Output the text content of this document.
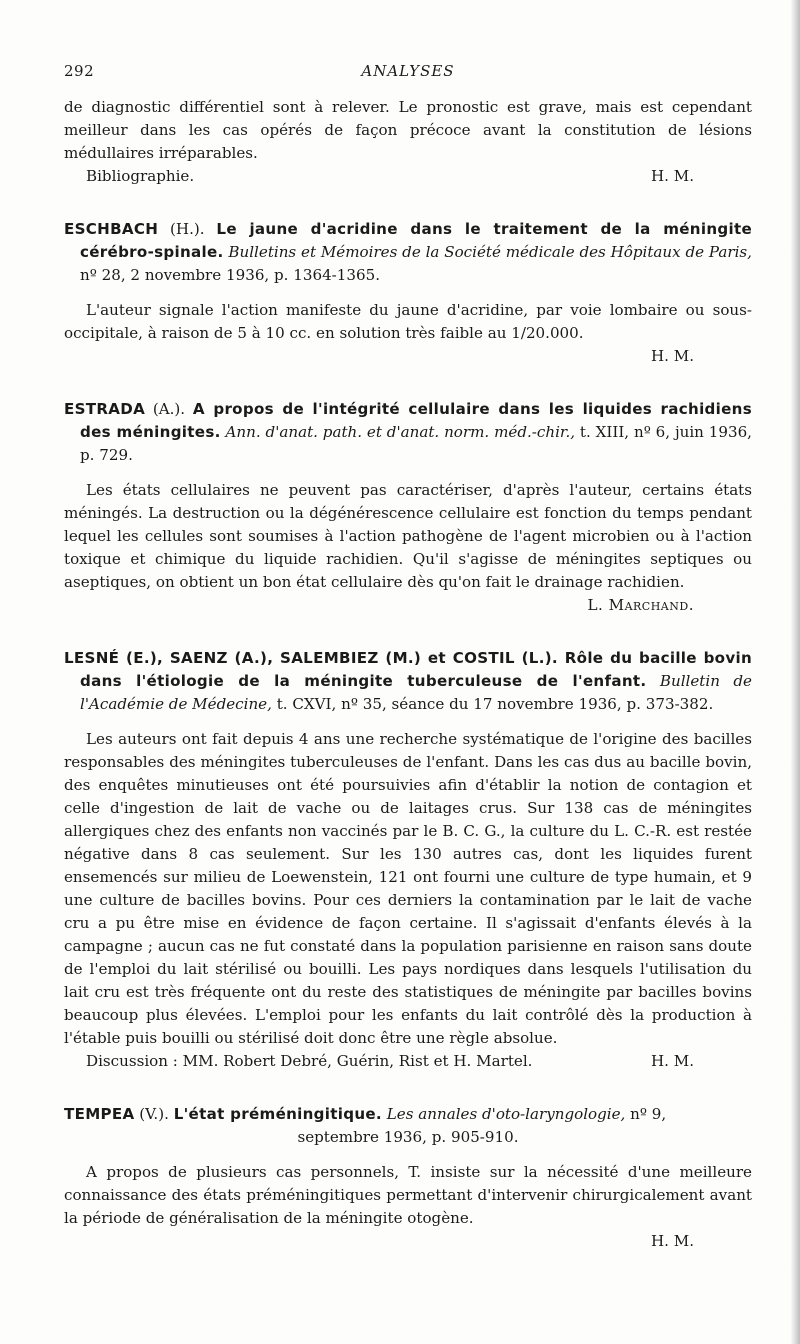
292	ANALYSES

de diagnostic différentiel sont à relever. Le pronostic est grave, mais est cependant meilleur dans les cas opérés de façon précoce avant la constitution de lésions médullaires irréparables.

Bibliographie.	H. M.

ESCHBACH (H.). Le jaune d'acridine dans le traitement de la méningite cérébro-spinale. Bulletins et Mémoires de la Société médicale des Hôpitaux de Paris, nº 28, 2 novembre 1936, p. 1364-1365.

L'auteur signale l'action manifeste du jaune d'acridine, par voie lombaire ou sous-occipitale, à raison de 5 à 10 cc. en solution très faible au 1/20.000.

H. M.

ESTRADA (A.). A propos de l'intégrité cellulaire dans les liquides rachidiens des méningites. Ann. d'anat. path. et d'anat. norm. méd.-chir., t. XIII, nº 6, juin 1936, p. 729.

Les états cellulaires ne peuvent pas caractériser, d'après l'auteur, certains états méningés. La destruction ou la dégénérescence cellulaire est fonction du temps pendant lequel les cellules sont soumises à l'action pathogène de l'agent microbien ou à l'action toxique et chimique du liquide rachidien. Qu'il s'agisse de méningites septiques ou aseptiques, on obtient un bon état cellulaire dès qu'on fait le drainage rachidien.

L. Marchand.

LESNÉ (E.), SAENZ (A.), SALEMBIEZ (M.) et COSTIL (L.). Rôle du bacille bovin dans l'étiologie de la méningite tuberculeuse de l'enfant. Bulletin de l'Académie de Médecine, t. CXVI, nº 35, séance du 17 novembre 1936, p. 373-382.

Les auteurs ont fait depuis 4 ans une recherche systématique de l'origine des bacilles responsables des méningites tuberculeuses de l'enfant. Dans les cas dus au bacille bovin, des enquêtes minutieuses ont été poursuivies afin d'établir la notion de contagion et celle d'ingestion de lait de vache ou de laitages crus. Sur 138 cas de méningites allergiques chez des enfants non vaccinés par le B. C. G., la culture du L. C.-R. est restée négative dans 8 cas seulement. Sur les 130 autres cas, dont les liquides furent ensemencés sur milieu de Loewenstein, 121 ont fourni une culture de type humain, et 9 une culture de bacilles bovins. Pour ces derniers la contamination par le lait de vache cru a pu être mise en évidence de façon certaine. Il s'agissait d'enfants élevés à la campagne ; aucun cas ne fut constaté dans la population parisienne en raison sans doute de l'emploi du lait stérilisé ou bouilli. Les pays nordiques dans lesquels l'utilisation du lait cru est très fréquente ont du reste des statistiques de méningite par bacilles bovins beaucoup plus élevées. L'emploi pour les enfants du lait contrôlé dès la production à l'étable puis bouilli ou stérilisé doit donc être une règle absolue.

Discussion : MM. Robert Debré, Guérin, Rist et H. Martel.	H. M.

TEMPEA (V.). L'état préméningitique. Les annales d'oto-laryngologie, nº 9,

septembre 1936, p. 905-910.

A propos de plusieurs cas personnels, T. insiste sur la nécessité d'une meilleure connaissance des états préméningitiques permettant d'intervenir chirurgicalement avant la période de généralisation de la méningite otogène.

H. M.
